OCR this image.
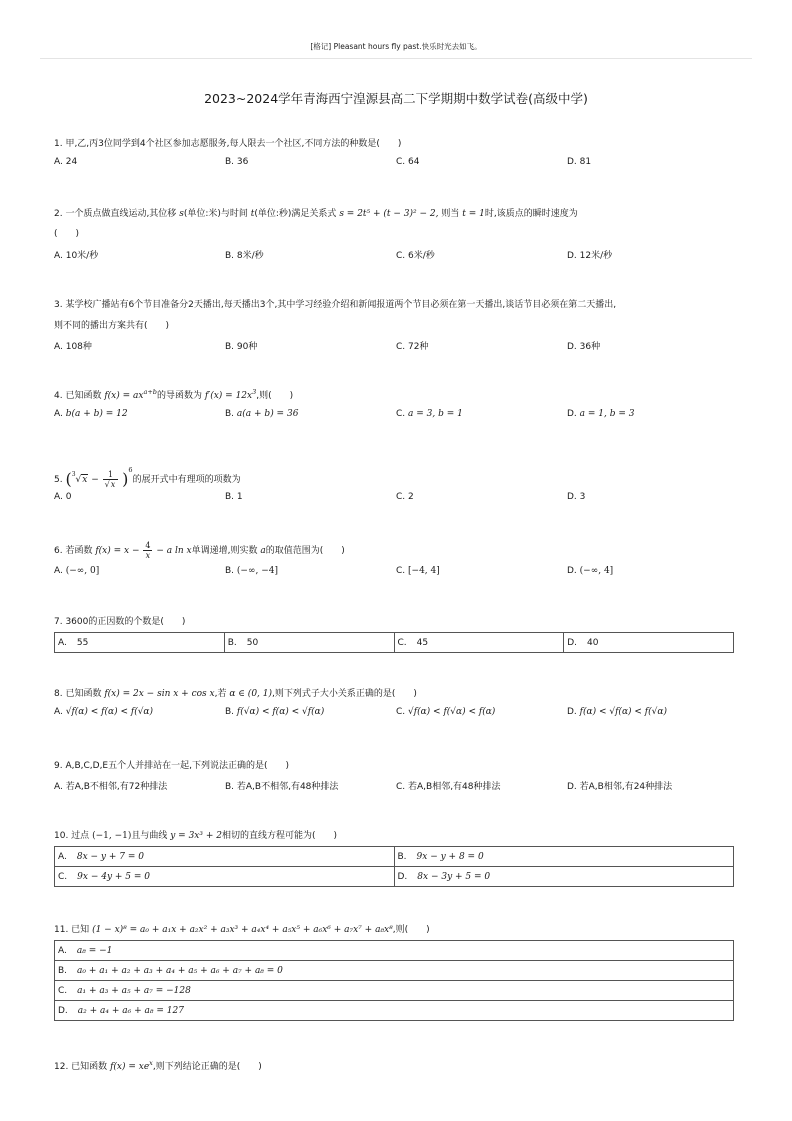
[格记] Pleasant hours fly past.快乐时光去如飞。
2023~2024学年青海西宁湟源县高二下学期期中数学试卷(高级中学)
1. 甲,乙,丙3位同学到4个社区参加志愿服务,每人限去一个社区,不同方法的种数是(　　)
A. 24	B. 36	C. 64	D. 81
2. 一个质点做直线运动,其位移 s(单位:米)与时间 t(单位:秒)满足关系式 s = 2t⁵ + (t − 3)² − 2, 则当 t = 1时,该质点的瞬时速度为
(　　)
A. 10米/秒	B. 8米/秒	C. 6米/秒	D. 12米/秒
3. 某学校广播站有6个节目准备分2天播出,每天播出3个,其中学习经验介绍和新闻报道两个节目必须在第一天播出,谈话节目必须在第二天播出,
则不同的播出方案共有(　　)
A. 108种	B. 90种	C. 72种	D. 36种
4. 已知函数 $f(x) = ax^{a+b}$的导函数为 $f'(x) = 12x^3$,则(　　)
A. b(a + b) = 12	B. a(a + b) = 36	C. a = 3, b = 1	D. a = 1, b = 3
5. $(^3√x - \frac{1}{√x} )^6$的展开式中有理项的项数为
A. 0	B. 1	C. 2	D. 3
6. 若函数 $f(x) = x - \frac{4}{x} - a$ ln x单调递增,则实数 a的取值范围为(　　)
A. (−∞, 0]	B. (−∞, −4]	C. [−4, 4]	D. (−∞, 4]
7. 3600的正因数的个数是(　　)
A. 55	B. 50	C. 45	D. 40
8. 已知函数 f(x) = 2x − sin x + cos x,若 α ∈ (0, 1),则下列式子大小关系正确的是(　　)
A. √f(α) < f(α) < f(√α)	B. f(√α) < f(α) < √f(α)	C. √f(α) < f(√α) < f(α)	D. f(α) < √f(α) < f(√α)
9. A,B,C,D,E五个人并排站在一起,下列说法正确的是(　　)
A. 若A,B不相邻,有72种排法	B. 若A,B不相邻,有48种排法	C. 若A,B相邻,有48种排法	D. 若A,B相邻,有24种排法
10. 过点 (−1, −1)且与曲线 y = 3x³ + 2相切的直线方程可能为(　　)
A. 8x − y + 7 = 0	B. 9x − y + 8 = 0
C. 9x − 4y + 5 = 0	D. 8x − 3y + 5 = 0
11. 已知 (1 − x)⁸ = a₀ + a₁x + a₂x² + a₃x³ + a₄x⁴ + a₅x⁵ + a₆x⁶ + a₇x⁷ + a₈x⁸,则(　　)
A. a₈ = −1
B. a₀ + a₁ + a₂ + a₃ + a₄ + a₅ + a₆ + a₇ + a₈ = 0
C. a₁ + a₃ + a₅ + a₇ = −128
D. a₂ + a₄ + a₆ + a₈ = 127
12. 已知函数 $f(x) = xe^x$,则下列结论正确的是(　　)
